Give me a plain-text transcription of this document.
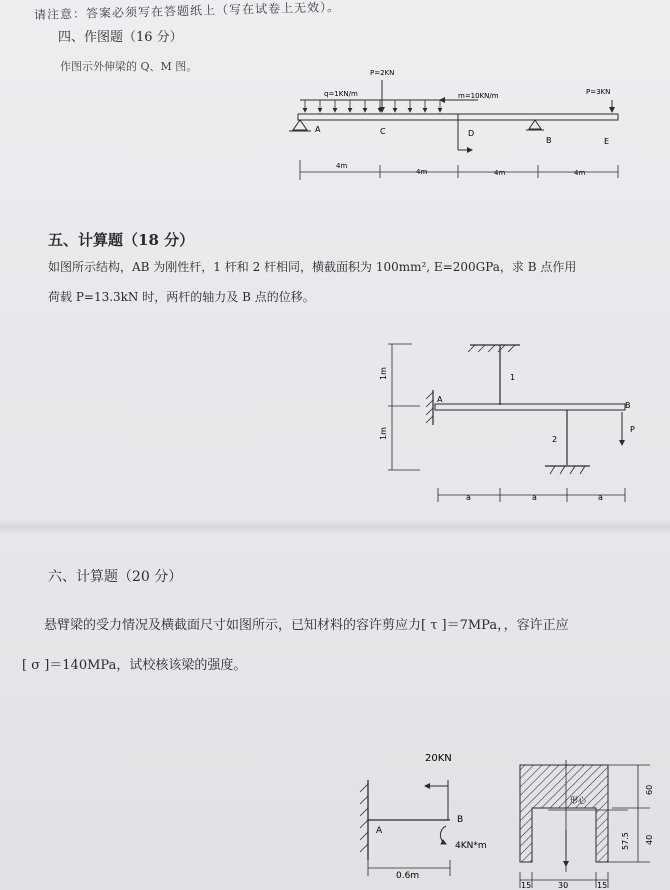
请注意：答案必须写在答题纸上（写在试卷上无效）。
四、作图题（16 分）
作图示外伸梁的 Q、M 图。	P=2KN
q=1KN/m	m=10KN/m	P=3KN
A	C	D
B	E
4m
4m	4m	4m
五、计算题（18 分）
如图所示结构，AB 为刚性杆，1 杆和 2 杆相同，横截面积为 100mm², E=200GPa，求 B 点作用
荷载 P=13.3kN 时，两杆的轴力及 B 点的位移。
1
A
B
2
P
1m
1m
a	a	a
六、计算题（20 分）
悬臂梁的受力情况及横截面尺寸如图所示，已知材料的容许剪应力[ τ ]＝7MPa，，容许正应
[ σ ]＝140MPa，试校核该梁的强度。
20KN
A
B
4KN*m
0.6m
形心
60
57.5 40
15	30	15
